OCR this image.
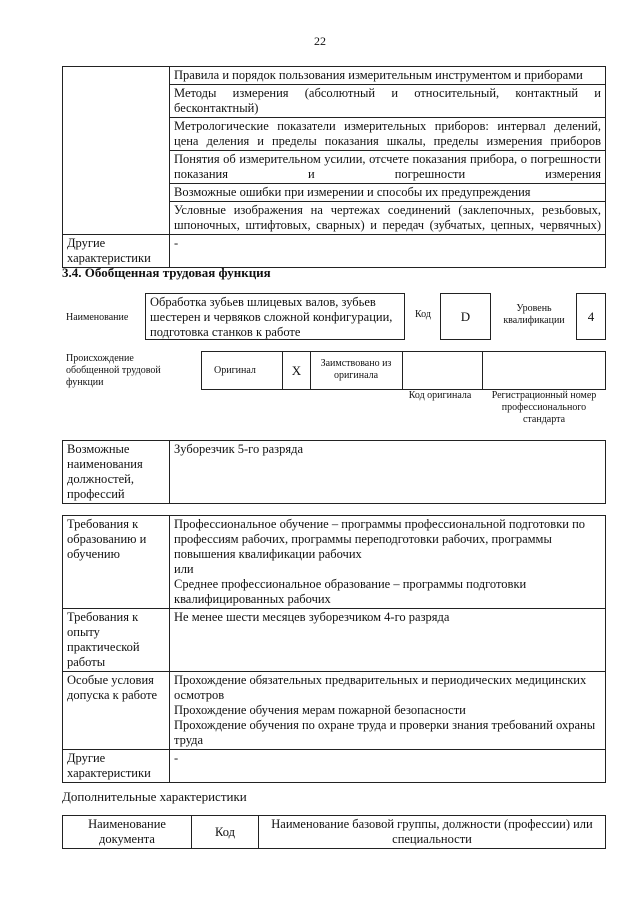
22
	Правила и порядок пользования измерительным инструментом и приборами
	Методы измерения (абсолютный и относительный, контактный и бесконтактный)
	Метрологические показатели измерительных приборов: интервал делений, цена деления и пределы показания шкалы, пределы измерения приборов
	Понятия об измерительном усилии, отсчете показания прибора, о погрешности показания и погрешности измерения
	Возможные ошибки при измерении и способы их предупреждения
	Условные изображения на чертежах соединений (заклепочных, резьбовых, шпоночных, штифтовых, сварных) и передач (зубчатых, цепных, червячных)
Другие характеристики	-
3.4. Обобщенная трудовая функция
Наименование
Обработка зубьев шлицевых валов, зубьев шестерен и червяков сложной конфигурации, подготовка станков к работе
Код	D
Уровень квалификации	4
Происхождение обобщенной трудовой функции
Оригинал	X	Заимствовано из оригинала
Код оригинала	Регистрационный номер профессионального стандарта
Возможные наименования должностей, профессий	Зуборезчик 5-го разряда
Требования к образованию и обучению	Профессиональное обучение – программы профессиональной подготовки по профессиям рабочих, программы переподготовки рабочих, программы повышения квалификации рабочих
или
Среднее профессиональное образование – программы подготовки квалифицированных рабочих

Требования к опыту практической работы	Не менее шести месяцев зуборезчиком 4-го разряда

Особые условия допуска к работе	Прохождение обязательных предварительных и периодических медицинских осмотров
Прохождение обучения мерам пожарной безопасности
Прохождение обучения по охране труда и проверки знания требований охраны труда

Другие характеристики	-
Дополнительные характеристики
Наименование документа	Код	Наименование базовой группы, должности (профессии) или специальности
